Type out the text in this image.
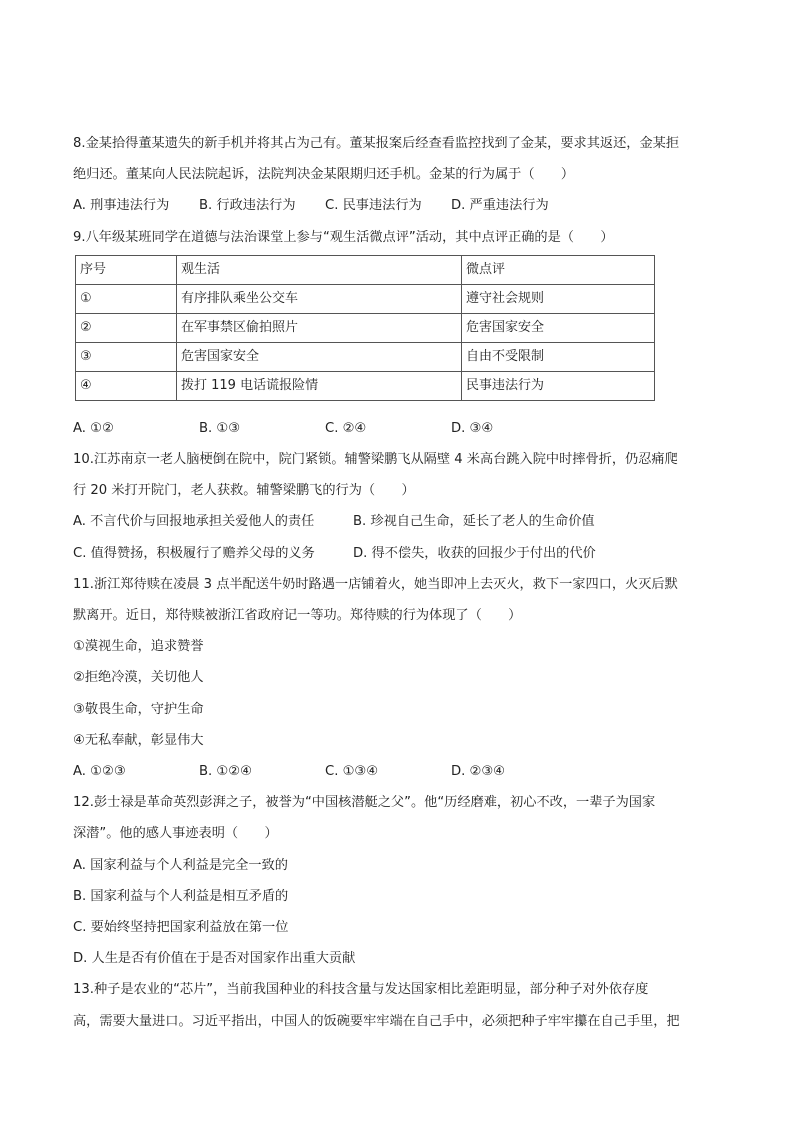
8.金某拾得董某遗失的新手机并将其占为己有。董某报案后经查看监控找到了金某，要求其返还，金某拒

绝归还。董某向人民法院起诉，法院判决金某限期归还手机。金某的行为属于（　　）

A. 刑事违法行为	B. 行政违法行为	C. 民事违法行为	D. 严重违法行为

9.八年级某班同学在道德与法治课堂上参与“观生活微点评”活动，其中点评正确的是（　　）

序号	观生活	微点评
①	有序排队乘坐公交车	遵守社会规则
②	在军事禁区偷拍照片	危害国家安全
③	危害国家安全	自由不受限制
④	拨打 119 电话谎报险情	民事违法行为
A. ①②	B. ①③	C. ②④	D. ③④

10.江苏南京一老人脑梗倒在院中，院门紧锁。辅警梁鹏飞从隔壁 4 米高台跳入院中时摔骨折，仍忍痛爬

行 20 米打开院门，老人获救。辅警梁鹏飞的行为（　　）

A. 不言代价与回报地承担关爱他人的责任	B. 珍视自己生命，延长了老人的生命价值
C. 值得赞扬，积极履行了赡养父母的义务	D. 得不偿失，收获的回报少于付出的代价

11.浙江郑待赎在凌晨 3 点半配送牛奶时路遇一店铺着火，她当即冲上去灭火，救下一家四口，火灭后默

默离开。近日，郑待赎被浙江省政府记一等功。郑待赎的行为体现了（　　）

①漠视生命，追求赞誉

②拒绝冷漠，关切他人

③敬畏生命，守护生命

④无私奉献，彰显伟大

A. ①②③	B. ①②④	C. ①③④	D. ②③④

12.彭士禄是革命英烈彭湃之子，被誉为“中国核潜艇之父”。他“历经磨难，初心不改，一辈子为国家

深潜”。他的感人事迹表明（　　）

A. 国家利益与个人利益是完全一致的

B. 国家利益与个人利益是相互矛盾的

C. 要始终坚持把国家利益放在第一位

D. 人生是否有价值在于是否对国家作出重大贡献

13.种子是农业的“芯片”，当前我国种业的科技含量与发达国家相比差距明显，部分种子对外依存度

高，需要大量进口。习近平指出，中国人的饭碗要牢牢端在自己手中，必须把种子牢牢攥在自己手里，把
